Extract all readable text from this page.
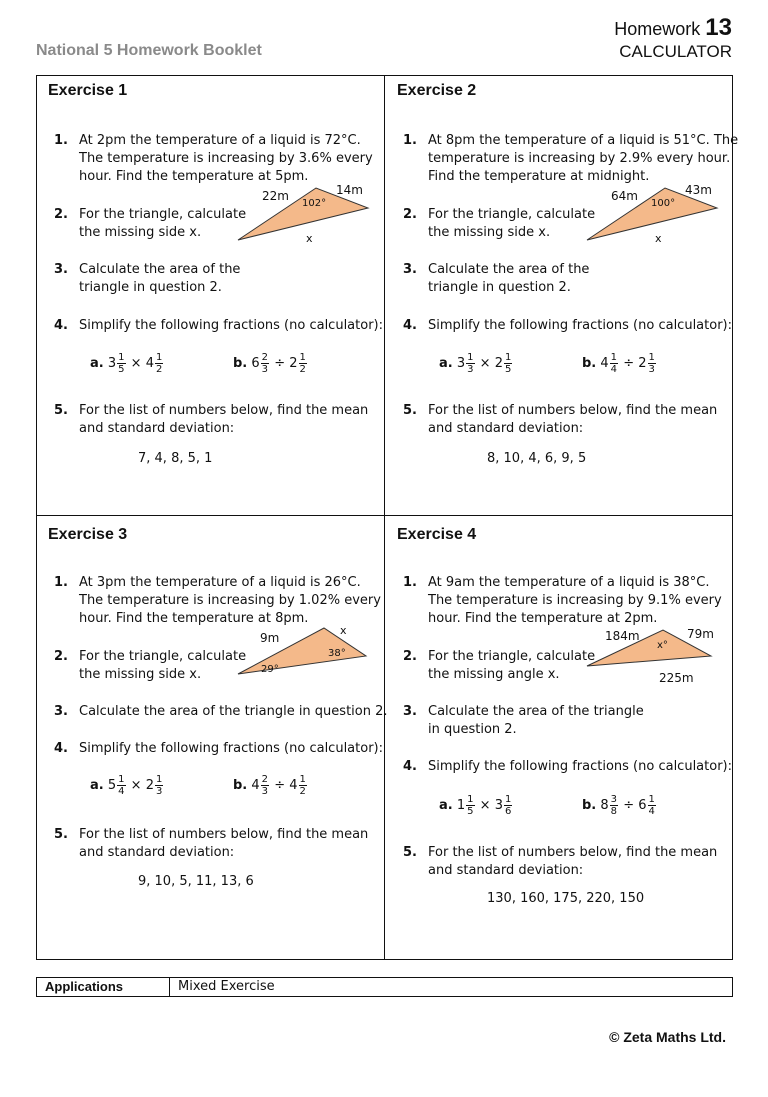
National 5 Homework Booklet
Homework 13
CALCULATOR
Exercise 1
1. At 2pm the temperature of a liquid is 72°C.
The temperature is increasing by 3.6% every
hour. Find the temperature at 5pm.
2. For the triangle, calculate
the missing side x.
3. Calculate the area of the
triangle in question 2.
4. Simplify the following fractions (no calculator):
a. $3 \frac{1}{5} \times 4 \frac{1}{2}$	b. $6 \frac{2}{3} \div 2 \frac{1}{2}$
5. For the list of numbers below, find the mean
and standard deviation:
7, 4, 8, 5, 1
22m	14m
102°
x
Exercise 2
1. At 8pm the temperature of a liquid is 51°C. The
temperature is increasing by 2.9% every hour.
Find the temperature at midnight.
2. For the triangle, calculate
the missing side x.
3. Calculate the area of the
triangle in question 2.
4. Simplify the following fractions (no calculator):
a. $3 \frac{1}{3} \times 2 \frac{1}{5}$	b. $4 \frac{1}{4} \div 2 \frac{1}{3}$
5. For the list of numbers below, find the mean
and standard deviation:
8, 10, 4, 6, 9, 5
64m	43m
100°
x
Exercise 3
1. At 3pm the temperature of a liquid is 26°C.
The temperature is increasing by 1.02% every
hour. Find the temperature at 8pm.
2. For the triangle, calculate
the missing side x.
3. Calculate the area of the triangle in question 2.
4. Simplify the following fractions (no calculator):
a. $5 \frac{1}{4} \times 2 \frac{1}{3}$	b. $4 \frac{2}{3} \div 4 \frac{1}{2}$
5. For the list of numbers below, find the mean
and standard deviation:
9, 10, 5, 11, 13, 6
9m
x
29°
38°
Exercise 4
1. At 9am the temperature of a liquid is 38°C.
The temperature is increasing by 9.1% every
hour. Find the temperature at 2pm.
2. For the triangle, calculate
the missing angle x.
3. Calculate the area of the triangle
in question 2.
4. Simplify the following fractions (no calculator):
a. $1 \frac{1}{5} \times 3 \frac{1}{6}$	b. $8 \frac{3}{8} \div 6 \frac{1}{4}$
5. For the list of numbers below, find the mean
and standard deviation:
130, 160, 175, 220, 150
184m	79m
225m
x°
Applications	Mixed Exercise
© Zeta Maths Ltd.
